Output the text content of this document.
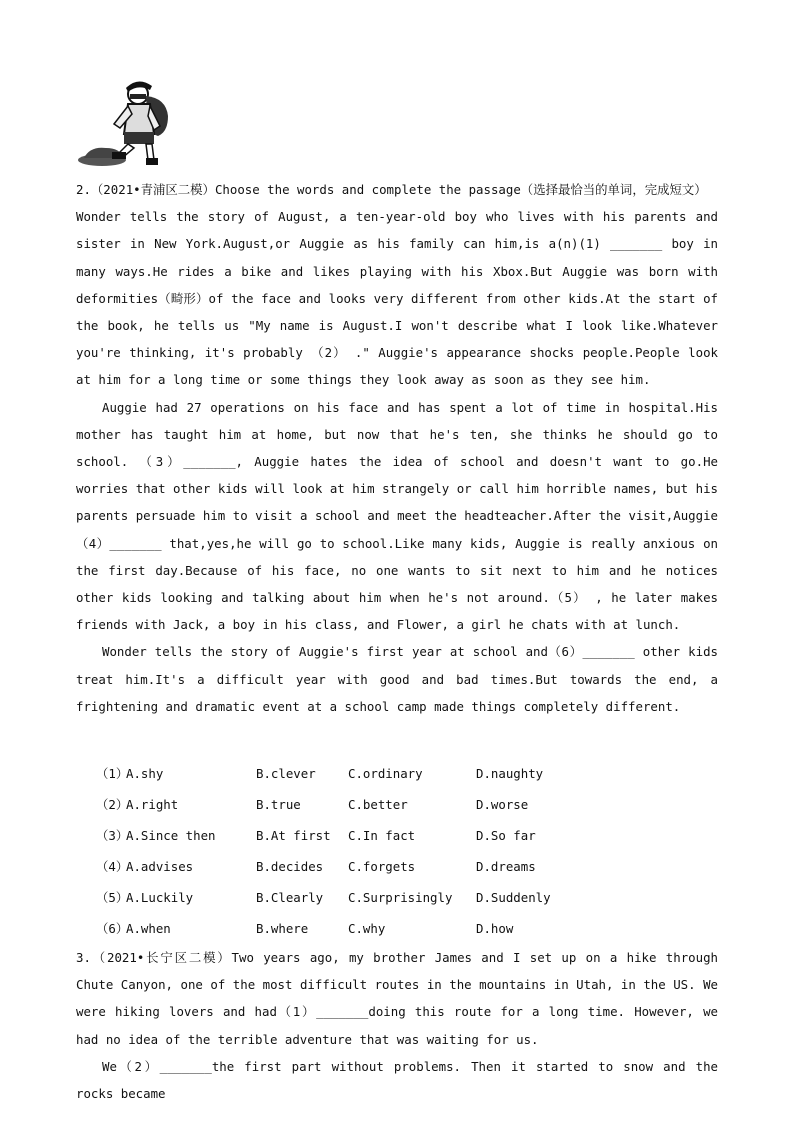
2.（2021•青浦区二模）Choose the words and complete the passage（选择最恰当的单词，完成短文）

Wonder tells the story of August, a ten‐year‐old boy who lives with his parents and sister in New York.August,or Auggie as his family can him,is a(n)(1) _______ boy in many ways.He rides a bike and likes playing with his Xbox.But Auggie was born with deformities（畸形）of the face and looks very different from other kids.At the start of the book, he tells us "My name is August.I won't describe what I look like.Whatever you're thinking, it's probably （2） ." Auggie's appearance shocks people.People look at him for a long time or some things they look away as soon as they see him.

Auggie had 27 operations on his face and has spent a lot of time in hospital.His mother has taught him at home, but now that he's ten, she thinks he should go to school. （3）_______, Auggie hates the idea of school and doesn't want to go.He worries that other kids will look at him strangely or call him horrible names, but his parents persuade him to visit a school and meet the headteacher.After the visit,Auggie（4）_______ that,yes,he will go to school.Like many kids, Auggie is really anxious on the first day.Because of his face, no one wants to sit next to him and he notices other kids looking and talking about him when he's not around.（5） , he later makes friends with Jack, a boy in his class, and Flower, a girl he chats with at lunch.

Wonder tells the story of Auggie's first year at school and（6）_______ other kids treat him.It's a difficult year with good and bad times.But towards the end, a frightening and dramatic event at a school camp made things completely different.

（1）
A.shy	B.clever	C.ordinary	D.naughty
（2）
A.right	B.true	C.better	D.worse
（3）
A.Since then	B.At first	C.In fact	D.So far
（4）
A.advises	B.decides	C.forgets	D.dreams
（5）
A.Luckily	B.Clearly	C.Surprisingly	D.Suddenly
（6）
A.when	B.where	C.why	D.how

3.（2021•长宁区二模）Two years ago, my brother James and I set up on a hike through Chute Canyon, one of the most difficult routes in the mountains in Utah, in the US. We were hiking lovers and had（1）_______doing this route for a long time. However, we had no idea of the terrible adventure that was waiting for us.

We（2）_______the first part without problems. Then it started to snow and the rocks became
